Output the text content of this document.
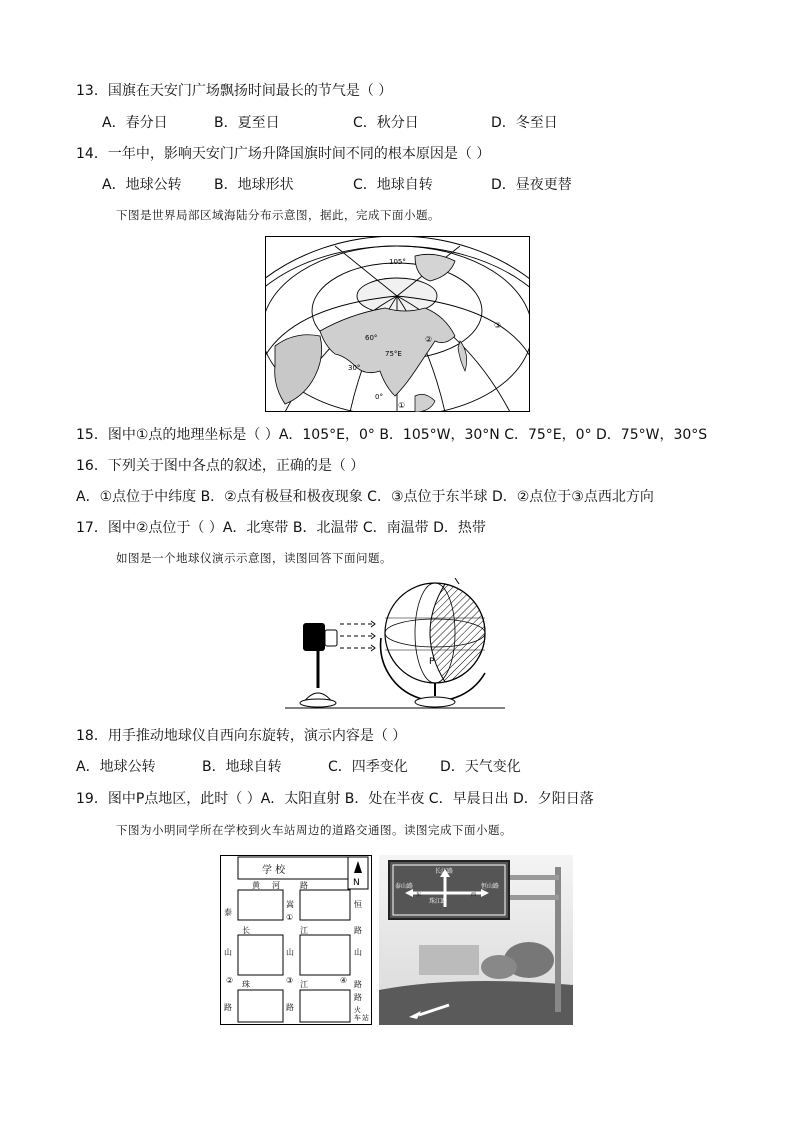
13．国旗在天安门广场飘扬时间最长的节气是（ ）
A．春分日	B．夏至日	C．秋分日	D．冬至日
14．一年中，影响天安门广场升降国旗时间不同的根本原因是（ ）
A．地球公转 B．地球形状	C．地球自转	D．昼夜更替
下图是世界局部区域海陆分布示意图，据此，完成下面小题。
105°
60°
75°E
30°
0°
①
②
③
15．图中①点的地理坐标是（ ）A．105°E，0° B．105°W，30°N C．75°E，0° D．75°W，30°S
16．下列关于图中各点的叙述，正确的是（ ）
A．①点位于中纬度 B．②点有极昼和极夜现象 C．③点位于东半球 D．②点位于③点西北方向
17．图中②点位于（ ）A．北寒带 B．北温带 C．南温带 D．热带
如图是一个地球仪演示示意图，读图回答下面问题。
P
18．用手推动地球仪自西向东旋转，演示内容是（ ）
A．地球公转	B．地球自转	C．四季变化 D．天气变化
19．图中P点地区，此时（ ）A．太阳直射 B．处在半夜 C．早晨日出 D．夕阳日落
下图为小明同学所在学校到火车站周边的道路交通图。读图完成下面小题。
学 校
N
黄 河	路
长	江	路
珠	江	路
泰
山
路
嵩
山
路
恒
山
路
①
②	③	④
火
车 站
长江路
泰山路
珠江路
恒山路
东	西
